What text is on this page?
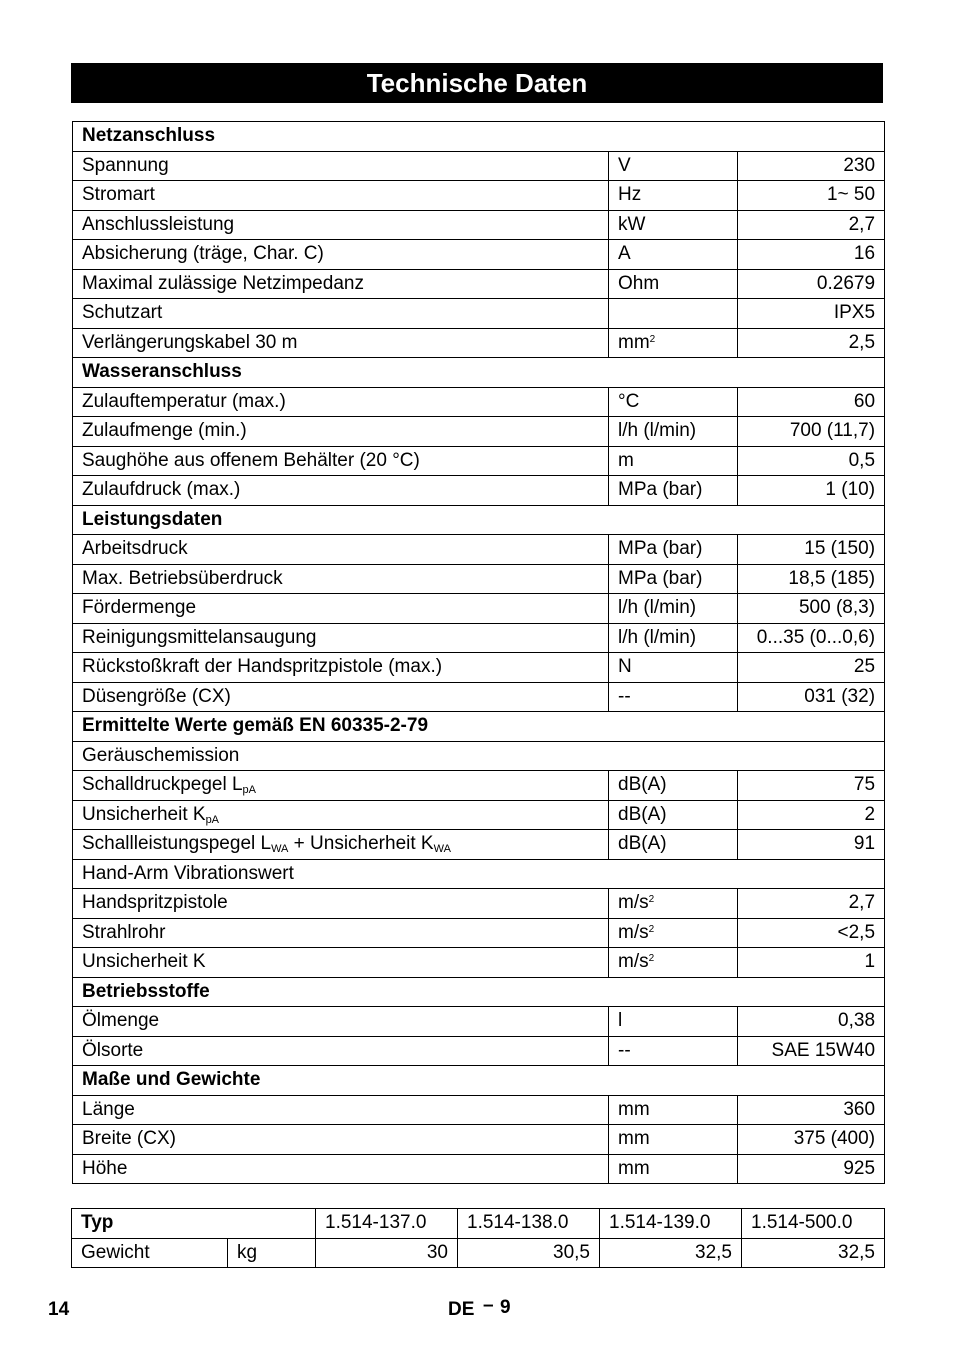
Technische Daten
Netzanschluss		
Spannung	V	230
Stromart	Hz	1~ 50
Anschlussleistung	kW	2,7
Absicherung (träge, Char. C)	A	16
Maximal zulässige Netzimpedanz	Ohm	0.2679
Schutzart		IPX5
Verlängerungskabel 30 m	$mm^2$	2,5
Wasseranschluss		
Zulauftemperatur (max.)	°C	60
Zulaufmenge (min.)	l/h (l/min)	700 (11,7)
Saughöhe aus offenem Behälter (20 °C)	m	0,5
Zulaufdruck (max.)	MPa (bar)	1 (10)
Leistungsdaten		
Arbeitsdruck	MPa (bar)	15 (150)
Max. Betriebsüberdruck	MPa (bar)	18,5 (185)
Fördermenge	l/h (l/min)	500 (8,3)
Reinigungsmittelansaugung	l/h (l/min)	0...35 (0...0,6)
Rückstoßkraft der Handspritzpistole (max.)	N	25
Düsengröße (CX)	--	031 (32)
Ermittelte Werte gemäß EN 60335-2-79		
Geräuschemission		
Schalldruckpegel $L_{pA}$	dB(A)	75
Unsicherheit $K_{pA}$	dB(A)	2
Schallleistungspegel $L_{WA}$ + Unsicherheit $K_{WA}$	dB(A)	91
Hand-Arm Vibrationswert		
Handspritzpistole	$m/s^2$	2,7
Strahlrohr	$m/s^2$	<2,5
Unsicherheit K	$m/s^2$	1
Betriebsstoffe		
Ölmenge	l	0,38
Ölsorte	--	SAE 15W40
Maße und Gewichte		
Länge	mm	360
Breite (CX)	mm	375 (400)
Höhe	mm	925
Typ		1.514-137.0	1.514-138.0	1.514-139.0	1.514-500.0
Gewicht	kg	30	30,5	32,5	32,5
14	DE – 9
